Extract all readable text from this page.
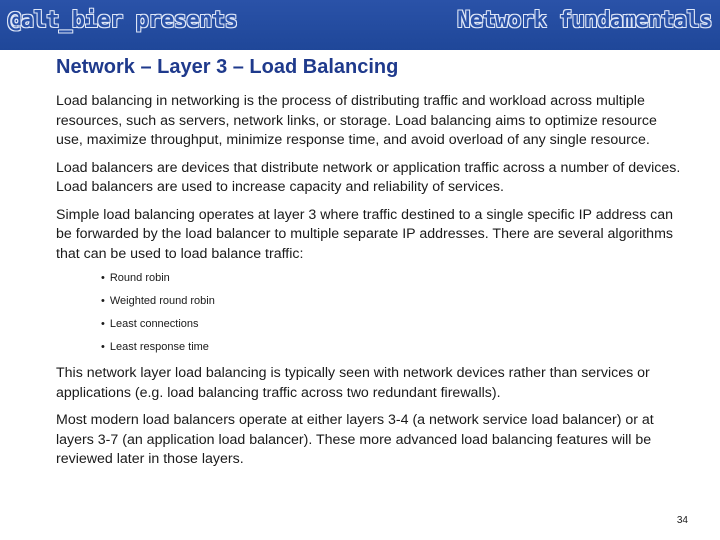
@alt_bier presents	Network fundamentals
Network – Layer 3 – Load Balancing

Load balancing in networking is the process of distributing traffic and workload across multiple resources, such as servers, network links, or storage. Load balancing aims to optimize resource use, maximize throughput, minimize response time, and avoid overload of any single resource.

Load balancers are devices that distribute network or application traffic across a number of devices. Load balancers are used to increase capacity and reliability of services.

Simple load balancing operates at layer 3 where traffic destined to a single specific IP address can be forwarded by the load balancer to multiple separate IP addresses. There are several algorithms that can be used to load balance traffic:

• Round robin
• Weighted round robin
• Least connections
• Least response time

This network layer load balancing is typically seen with network devices rather than services or applications (e.g. load balancing traffic across two redundant firewalls).

Most modern load balancers operate at either layers 3-4 (a network service load balancer) or at layers 3-7 (an application load balancer). These more advanced load balancing features will be reviewed later in those layers.

34
